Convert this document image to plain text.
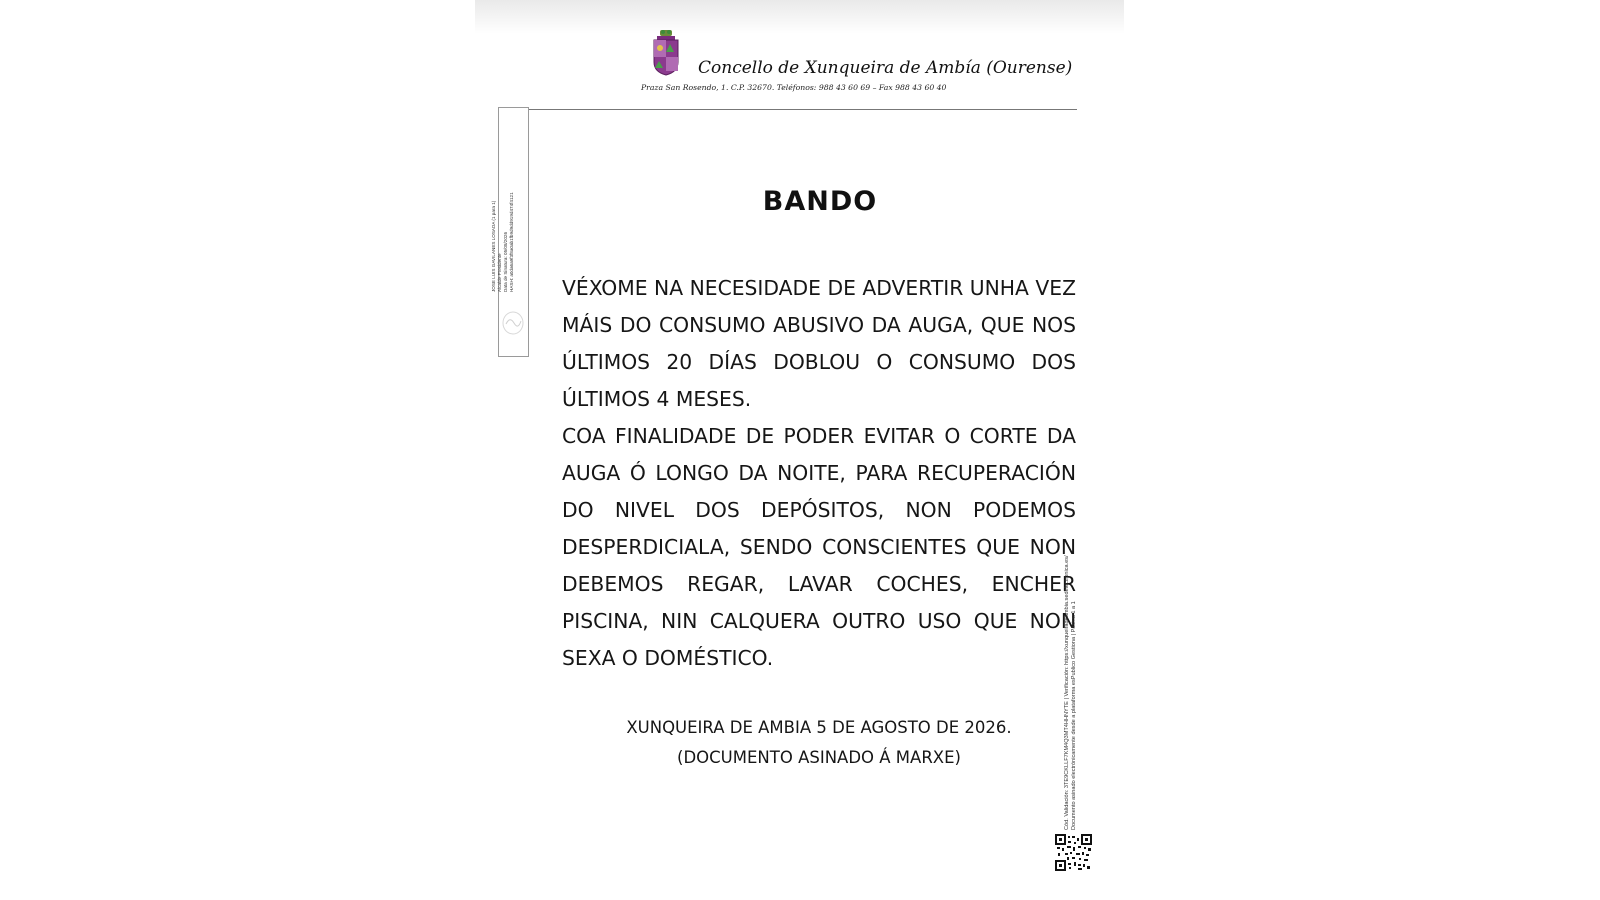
Concello de Xunqueira de Ambía (Ourense)
Praza San Rosendo, 1. C.P. 32670. Teléfonos: 988 43 60 69 – Fax 988 43 60 40
JOSE LUIS GAVILANES LOSADA (1 para 1) Alcalde-Presidente Data de Sinatura: 05/08/2026 HASH: a0da6a9f3f8a0ab1fb9d9dd919d474f4121	BANDO

VÉXOME NA NECESIDADE DE ADVERTIR UNHA VEZ MÁIS DO CONSUMO ABUSIVO DA AUGA, QUE NOS ÚLTIMOS 20 DÍAS DOBLOU O CONSUMO DOS ÚLTIMOS 4 MESES.

COA FINALIDADE DE PODER EVITAR O CORTE DA AUGA Ó LONGO DA NOITE, PARA RECUPERACIÓN DO NIVEL DOS DEPÓSITOS, NON PODEMOS DESPERDICIALA, SENDO CONSCIENTES QUE NON DEBEMOS REGAR, LAVAR COCHES, ENCHER PISCINA, NIN CALQUERA OUTRO USO QUE NON SEXA O DOMÉSTICO.

XUNQUEIRA DE AMBIA 5 DE AGOSTO DE 2026.
(DOCUMENTO ASINADO Á MARXE)	Cód. Validación: 3TE9CKLLF7KM4Q3MT4HHNYTE | Verificación: https://xunqueiradeambia.sedelectronica.es/ Documento asinado electrónicamente desde a plataforma esPublico Gestiona | Páxina 1 a 1
